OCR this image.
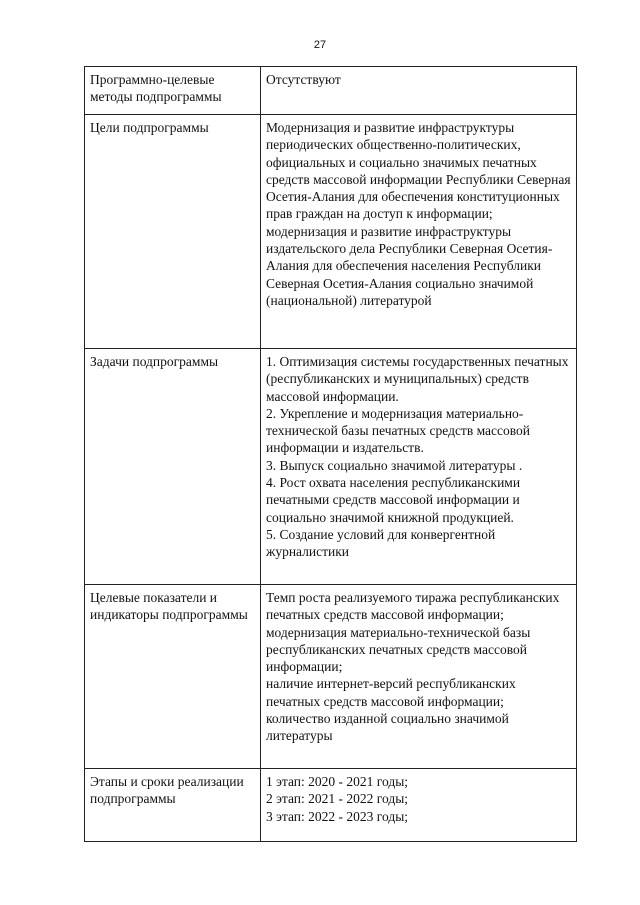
27
Программно-целевые методы подпрограммы	Отсутствуют
Цели подпрограммы	Модернизация и развитие инфраструктуры периодических общественно-политических, официальных и социально значимых печатных средств массовой информации Республики Северная Осетия-Алания для обеспечения конституционных прав граждан на доступ к информации;
модернизация и развитие инфраструктуры издательского дела Республики Северная Осетия-Алания для обеспечения населения Республики Северная Осетия-Алания социально значимой (национальной) литературой
Задачи подпрограммы	1. Оптимизация системы государственных печатных (республиканских и муниципальных) средств массовой информации.
2. Укрепление и модернизация материально-технической базы печатных средств массовой информации и издательств.
3. Выпуск социально значимой литературы .
4. Рост охвата населения республиканскими печатными средств массовой информации и социально значимой книжной продукцией.
5. Создание условий для конвергентной журналистики
Целевые показатели и индикаторы подпрограммы	Темп роста реализуемого тиража республиканских печатных средств массовой информации;
модернизация материально-технической базы республиканских печатных средств массовой информации;
наличие интернет-версий республиканских печатных средств массовой информации;
количество изданной социально значимой литературы
Этапы и сроки реализации подпрограммы	1 этап: 2020 - 2021 годы;
2 этап: 2021 - 2022 годы;
3 этап: 2022 - 2023 годы;
